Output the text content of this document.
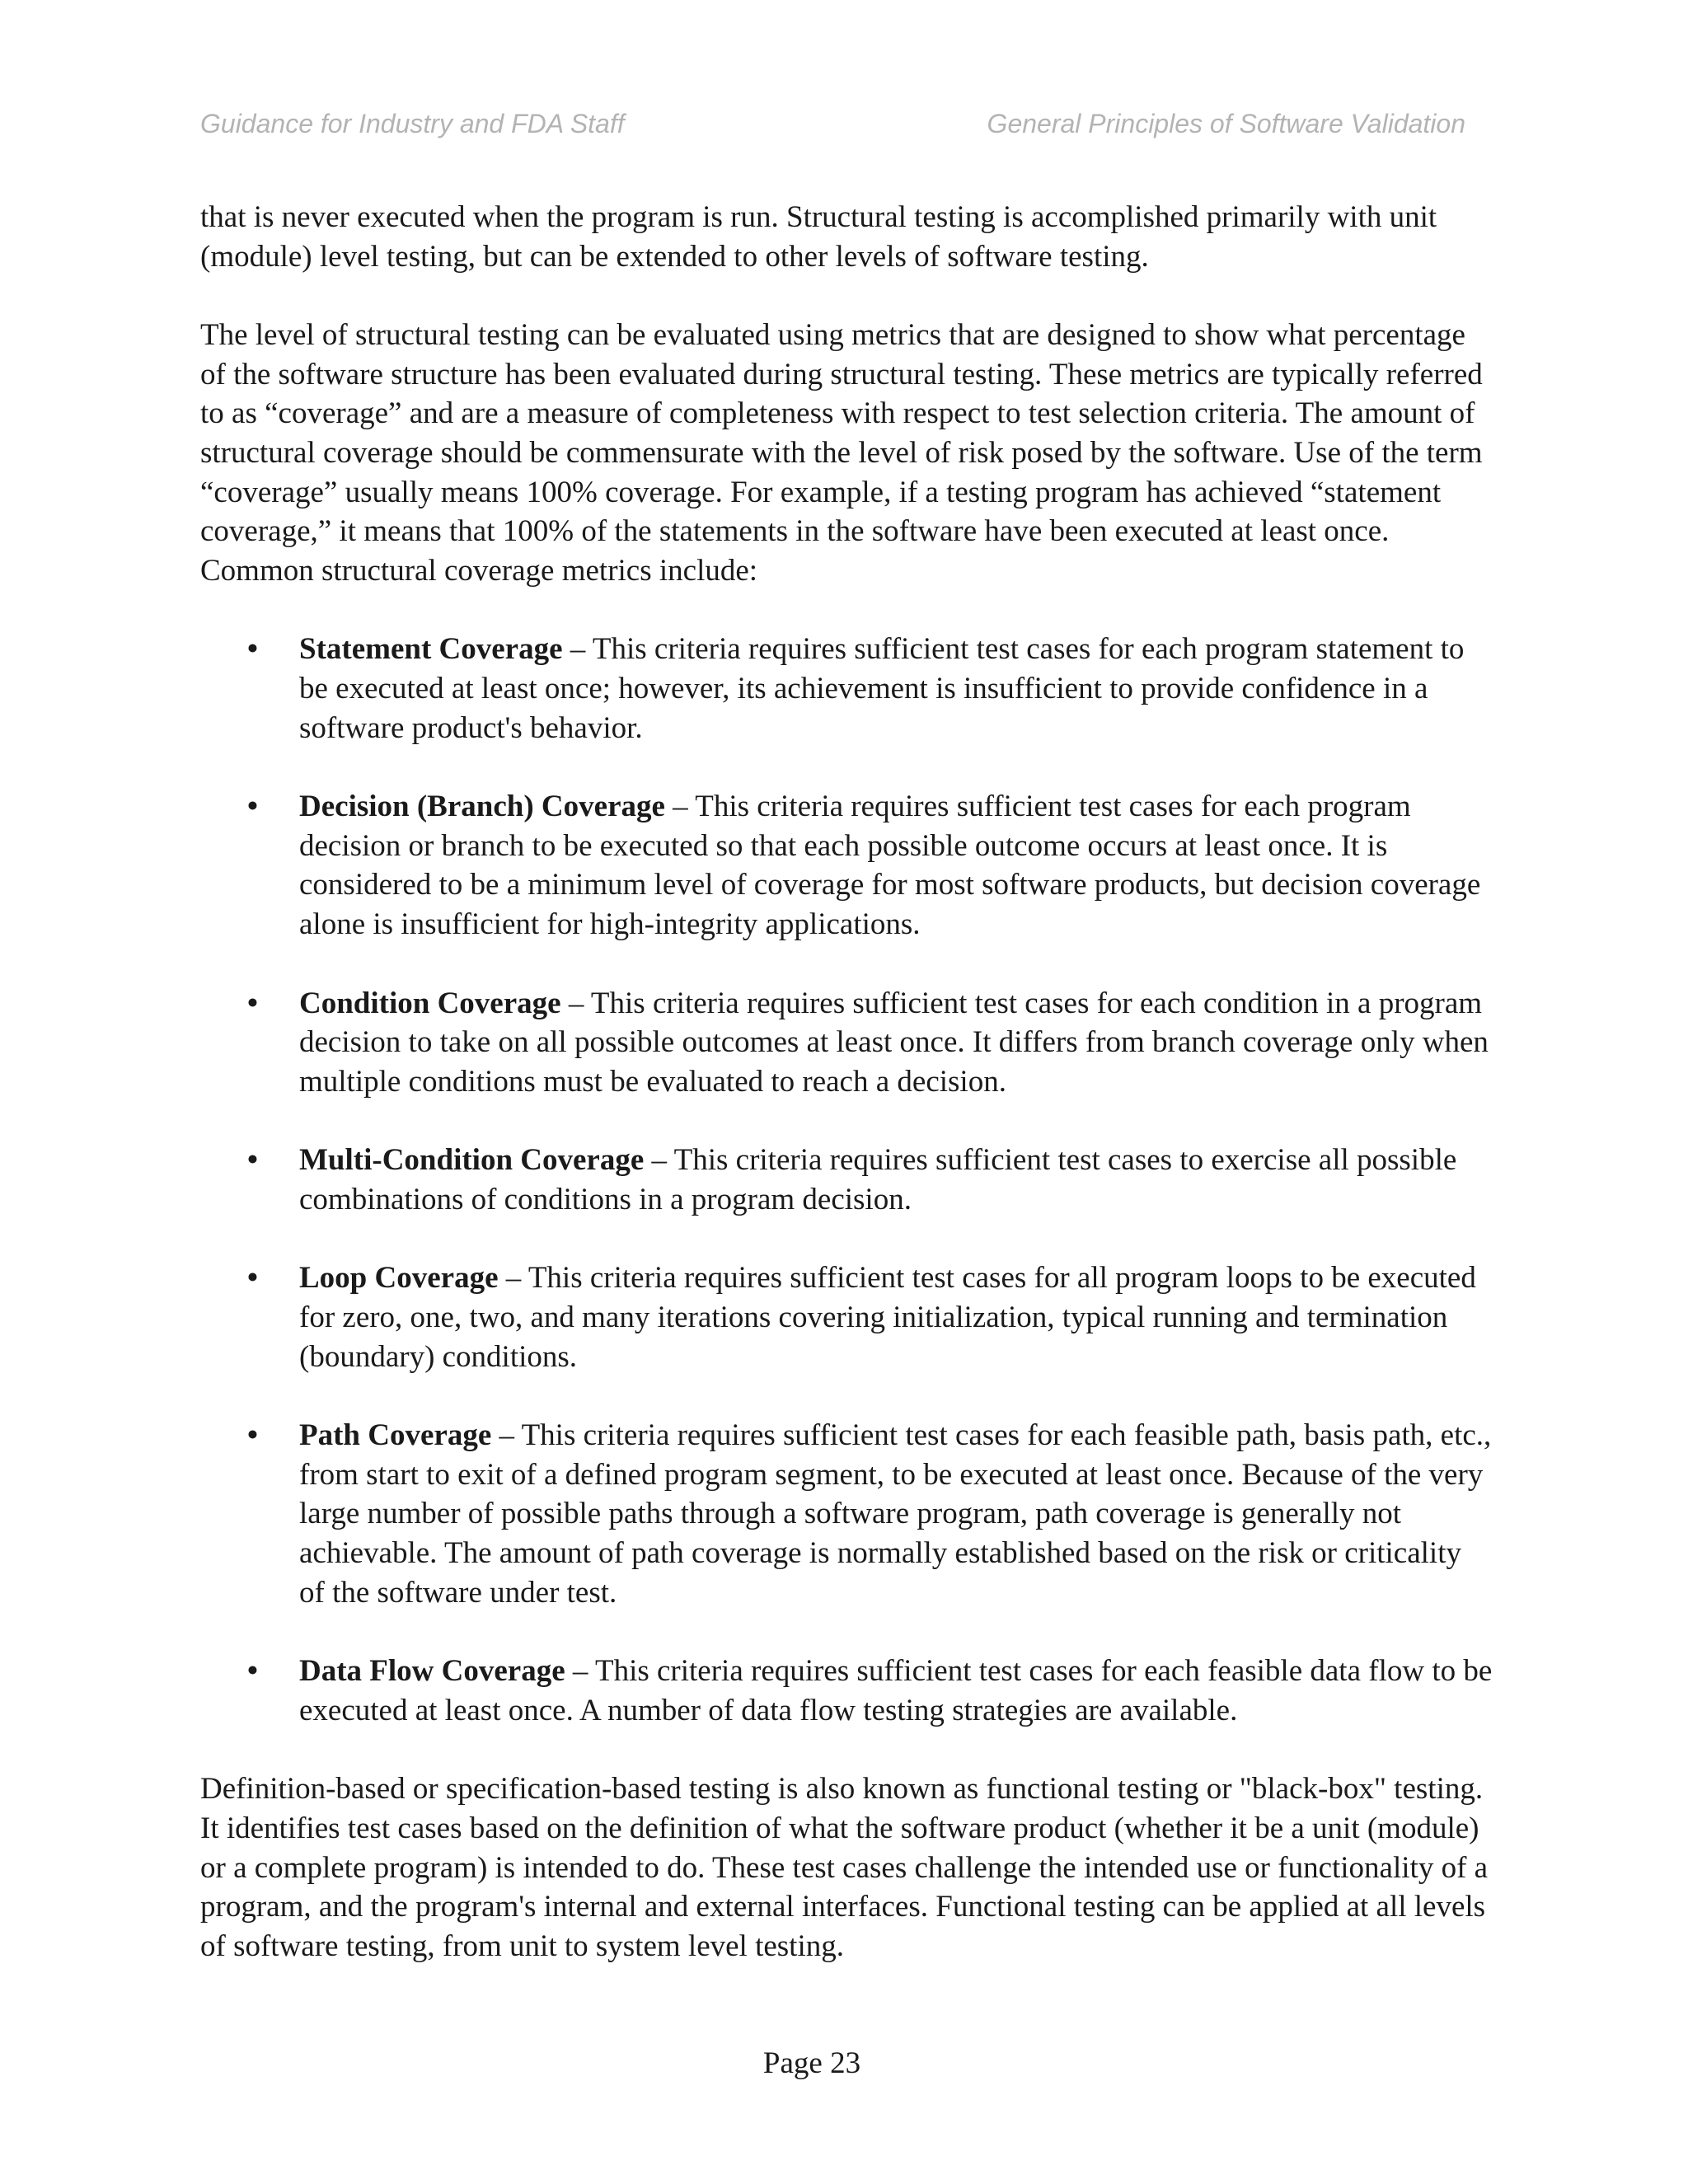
Guidance for Industry and FDA Staff	General Principles of Software Validation

that is never executed when the program is run. Structural testing is accomplished primarily with unit (module) level testing, but can be extended to other levels of software testing.

The level of structural testing can be evaluated using metrics that are designed to show what percentage of the software structure has been evaluated during structural testing. These metrics are typically referred to as “coverage” and are a measure of completeness with respect to test selection criteria. The amount of structural coverage should be commensurate with the level of risk posed by the software. Use of the term “coverage” usually means 100% coverage. For example, if a testing program has achieved “statement coverage,” it means that 100% of the statements in the software have been executed at least once. Common structural coverage metrics include:

• Statement Coverage – This criteria requires sufficient test cases for each program statement to be executed at least once; however, its achievement is insufficient to provide confidence in a software product's behavior.
• Decision (Branch) Coverage – This criteria requires sufficient test cases for each program decision or branch to be executed so that each possible outcome occurs at least once. It is considered to be a minimum level of coverage for most software products, but decision coverage alone is insufficient for high-integrity applications.
• Condition Coverage – This criteria requires sufficient test cases for each condition in a program decision to take on all possible outcomes at least once. It differs from branch coverage only when multiple conditions must be evaluated to reach a decision.
• Multi-Condition Coverage – This criteria requires sufficient test cases to exercise all possible combinations of conditions in a program decision.
• Loop Coverage – This criteria requires sufficient test cases for all program loops to be executed for zero, one, two, and many iterations covering initialization, typical running and termination (boundary) conditions.
• Path Coverage – This criteria requires sufficient test cases for each feasible path, basis path, etc., from start to exit of a defined program segment, to be executed at least once. Because of the very large number of possible paths through a software program, path coverage is generally not achievable. The amount of path coverage is normally established based on the risk or criticality of the software under test.
• Data Flow Coverage – This criteria requires sufficient test cases for each feasible data flow to be executed at least once. A number of data flow testing strategies are available.

Definition-based or specification-based testing is also known as functional testing or "black-box" testing. It identifies test cases based on the definition of what the software product (whether it be a unit (module) or a complete program) is intended to do. These test cases challenge the intended use or functionality of a program, and the program's internal and external interfaces. Functional testing can be applied at all levels of software testing, from unit to system level testing.

Page 23
